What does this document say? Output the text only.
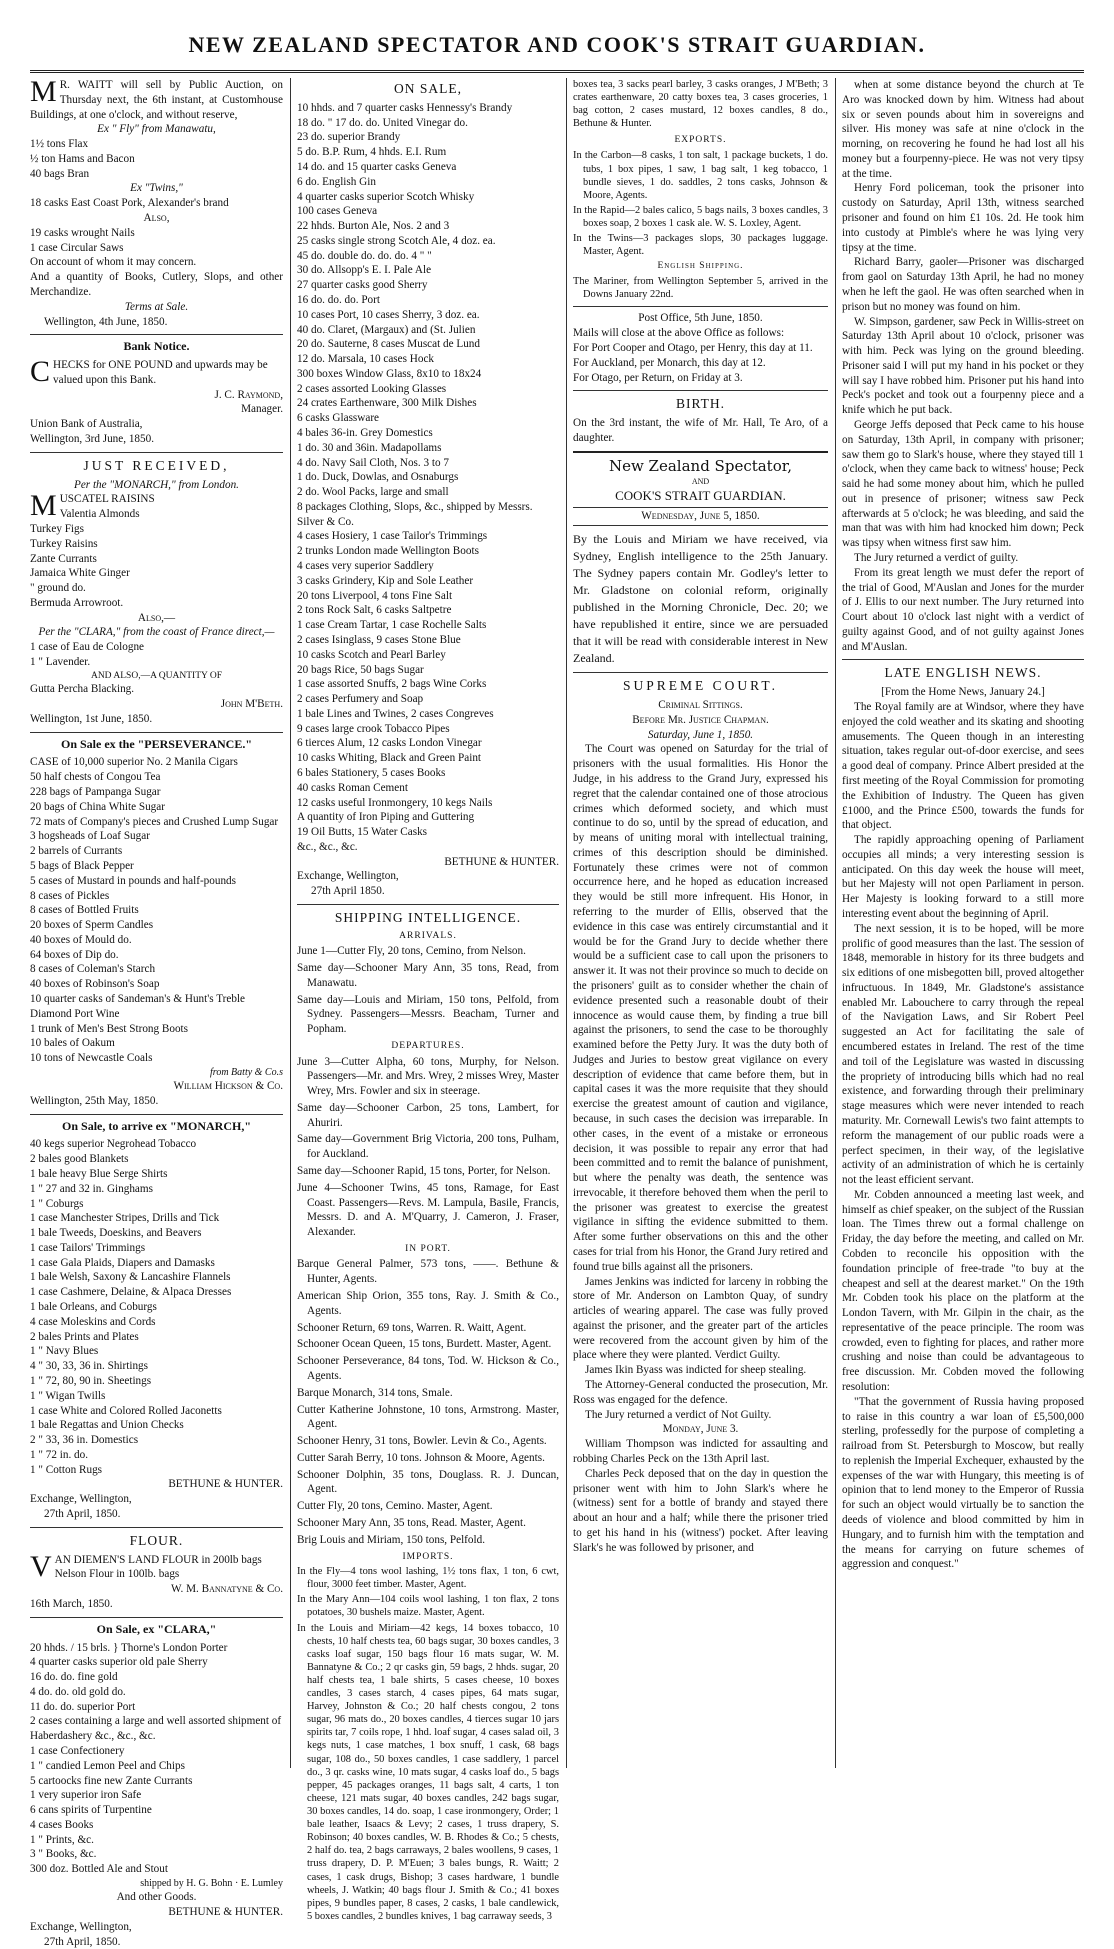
NEW ZEALAND SPECTATOR AND COOK'S STRAIT GUARDIAN.

M R. WAITT will sell by Public Auction, on Thursday next, the 6th instant, at Customhouse Buildings, at one o'clock, and without reserve,

Ex " Fly" from Manawatu,

1½ tons Flax

½ ton Hams and Bacon

40 bags Bran

Ex "Twins,"

18 casks East Coast Pork, Alexander's brand

Also,

19 casks wrought Nails

1 case Circular Saws

On account of whom it may concern.

And a quantity of Books, Cutlery, Slops, and other Merchandize.

Terms at Sale.

Wellington, 4th June, 1850.

Bank Notice.

CHECKS for ONE POUND and upwards may be valued upon this Bank.

J. C. Raymond,

Manager.

Union Bank of Australia,

Wellington, 3rd June, 1850.

JUST RECEIVED,

Per the "MONARCH," from London.

M USCATEL RAISINS

Valentia Almonds

Turkey Figs

Turkey Raisins

Zante Currants

Jamaica White Ginger

" ground do.

Bermuda Arrowroot.

Also,—

Per the "CLARA," from the coast of France direct,—

1 case of Eau de Cologne

1 " Lavender.

AND ALSO,—A QUANTITY OF

Gutta Percha Blacking.

John M'Beth.

Wellington, 1st June, 1850.

On Sale ex the "PERSEVERANCE."

CASE of 10,000 superior No. 2 Manila Cigars

50 half chests of Congou Tea

228 bags of Pampanga Sugar

20 bags of China White Sugar

72 mats of Company's pieces and Crushed Lump Sugar

3 hogsheads of Loaf Sugar

2 barrels of Currants

5 bags of Black Pepper

5 cases of Mustard in pounds and half-pounds

8 cases of Pickles

8 cases of Bottled Fruits

20 boxes of Sperm Candles

40 boxes of Mould do.

64 boxes of Dip do.

8 cases of Coleman's Starch

40 boxes of Robinson's Soap

10 quarter casks of Sandeman's & Hunt's Treble Diamond Port Wine

1 trunk of Men's Best Strong Boots

10 bales of Oakum

10 tons of Newcastle Coals

from Batty & Co.s

William Hickson & Co.

Wellington, 25th May, 1850.

On Sale, to arrive ex "MONARCH,"

40 kegs superior Negrohead Tobacco

2 bales good Blankets

1 bale heavy Blue Serge Shirts

1 " 27 and 32 in. Ginghams

1 " Coburgs

1 case Manchester Stripes, Drills and Tick

1 bale Tweeds, Doeskins, and Beavers

1 case Tailors' Trimmings

1 case Gala Plaids, Diapers and Damasks

1 bale Welsh, Saxony & Lancashire Flannels

1 case Cashmere, Delaine, & Alpaca Dresses

1 bale Orleans, and Coburgs

4 case Moleskins and Cords

2 bales Prints and Plates

1 " Navy Blues

4 " 30, 33, 36 in. Shirtings

1 " 72, 80, 90 in. Sheetings

1 " Wigan Twills

1 case White and Colored Rolled Jaconetts

1 bale Regattas and Union Checks

2 " 33, 36 in. Domestics

1 " 72 in. do.

1 " Cotton Rugs

BETHUNE & HUNTER.

Exchange, Wellington,

27th April, 1850.

FLOUR.

VAN DIEMEN'S LAND FLOUR in 200lb bags

Nelson Flour in 100lb. bags

W. M. Bannatyne & Co.

16th March, 1850.

On Sale, ex "CLARA,"

20 hhds. / 15 brls. } Thorne's London Porter

4 quarter casks superior old pale Sherry

16 do. do. fine gold

4 do. do. old gold do.

11 do. do. superior Port

2 cases containing a large and well assorted shipment of Haberdashery &c., &c., &c.

1 case Confectionery

1 " candied Lemon Peel and Chips

5 cartoocks fine new Zante Currants

1 very superior iron Safe

6 cans spirits of Turpentine

4 cases Books

1 " Prints, &c.

3 " Books, &c.

300 doz. Bottled Ale and Stout

shipped by H. G. Bohn · E. Lumley

And other Goods.

BETHUNE & HUNTER.

Exchange, Wellington,

27th April, 1850.

ON SALE,

10 hhds. and 7 quarter casks Hennessy's Brandy

18 do. " 17 do. do. United Vinegar do.

23 do. superior Brandy

5 do. B.P. Rum, 4 hhds. E.I. Rum

14 do. and 15 quarter casks Geneva

6 do. English Gin

4 quarter casks superior Scotch Whisky

100 cases Geneva

22 hhds. Burton Ale, Nos. 2 and 3

25 casks single strong Scotch Ale, 4 doz. ea.

45 do. double do. do. do. 4 " "

30 do. Allsopp's E. I. Pale Ale

27 quarter casks good Sherry

16 do. do. do. Port

10 cases Port, 10 cases Sherry, 3 doz. ea.

40 do. Claret, (Margaux) and (St. Julien

20 do. Sauterne, 8 cases Muscat de Lund

12 do. Marsala, 10 cases Hock

300 boxes Window Glass, 8x10 to 18x24

2 cases assorted Looking Glasses

24 crates Earthenware, 300 Milk Dishes

6 casks Glassware

4 bales 36-in. Grey Domestics

1 do. 30 and 36in. Madapollams

4 do. Navy Sail Cloth, Nos. 3 to 7

1 do. Duck, Dowlas, and Osnaburgs

2 do. Wool Packs, large and small

8 packages Clothing, Slops, &c., shipped by Messrs. Silver & Co.

4 cases Hosiery, 1 case Tailor's Trimmings

2 trunks London made Wellington Boots

4 cases very superior Saddlery

3 casks Grindery, Kip and Sole Leather

20 tons Liverpool, 4 tons Fine Salt

2 tons Rock Salt, 6 casks Saltpetre

1 case Cream Tartar, 1 case Rochelle Salts

2 cases Isinglass, 9 cases Stone Blue

10 casks Scotch and Pearl Barley

20 bags Rice, 50 bags Sugar

1 case assorted Snuffs, 2 bags Wine Corks

2 cases Perfumery and Soap

1 bale Lines and Twines, 2 cases Congreves

9 cases large crook Tobacco Pipes

6 tierces Alum, 12 casks London Vinegar

10 casks Whiting, Black and Green Paint

6 bales Stationery, 5 cases Books

40 casks Roman Cement

12 casks useful Ironmongery, 10 kegs Nails

A quantity of Iron Piping and Guttering

19 Oil Butts, 15 Water Casks

&c., &c., &c.

BETHUNE & HUNTER.

Exchange, Wellington,

27th April 1850.

SHIPPING INTELLIGENCE.
ARRIVALS.

June 1—Cutter Fly, 20 tons, Cemino, from Nelson.

Same day—Schooner Mary Ann, 35 tons, Read, from Manawatu.

Same day—Louis and Miriam, 150 tons, Pelfold, from Sydney. Passengers—Messrs. Beacham, Turner and Popham.

DEPARTURES.

June 3—Cutter Alpha, 60 tons, Murphy, for Nelson. Passengers—Mr. and Mrs. Wrey, 2 misses Wrey, Master Wrey, Mrs. Fowler and six in steerage.

Same day—Schooner Carbon, 25 tons, Lambert, for Ahuriri.

Same day—Government Brig Victoria, 200 tons, Pulham, for Auckland.

Same day—Schooner Rapid, 15 tons, Porter, for Nelson.

June 4—Schooner Twins, 45 tons, Ramage, for East Coast. Passengers—Revs. M. Lampula, Basile, Francis, Messrs. D. and A. M'Quarry, J. Cameron, J. Fraser, Alexander.

IN PORT.

Barque General Palmer, 573 tons, ——. Bethune & Hunter, Agents.

American Ship Orion, 355 tons, Ray. J. Smith & Co., Agents.

Schooner Return, 69 tons, Warren. R. Waitt, Agent.

Schooner Ocean Queen, 15 tons, Burdett. Master, Agent.

Schooner Perseverance, 84 tons, Tod. W. Hickson & Co., Agents.

Barque Monarch, 314 tons, Smale.

Cutter Katherine Johnstone, 10 tons, Armstrong. Master, Agent.

Schooner Henry, 31 tons, Bowler. Levin & Co., Agents.

Cutter Sarah Berry, 10 tons. Johnson & Moore, Agents.

Schooner Dolphin, 35 tons, Douglass. R. J. Duncan, Agent.

Cutter Fly, 20 tons, Cemino. Master, Agent.

Schooner Mary Ann, 35 tons, Read. Master, Agent.

Brig Louis and Miriam, 150 tons, Pelfold.

IMPORTS.

In the Fly—4 tons wool lashing, 1½ tons flax, 1 ton, 6 cwt, flour, 3000 feet timber. Master, Agent.

In the Mary Ann—104 coils wool lashing, 1 ton flax, 2 tons potatoes, 30 bushels maize. Master, Agent.

In the Louis and Miriam—42 kegs, 14 boxes tobacco, 10 chests, 10 half chests tea, 60 bags sugar, 30 boxes candles, 3 casks loaf sugar, 150 bags flour 16 mats sugar, W. M. Bannatyne & Co.; 2 qr casks gin, 59 bags, 2 hhds. sugar, 20 half chests tea, 1 bale shirts, 5 cases cheese, 10 boxes candles, 3 cases starch, 4 cases pipes, 64 mats sugar, Harvey, Johnston & Co.; 20 half chests congou, 2 tons sugar, 96 mats do., 20 boxes candles, 4 tierces sugar 10 jars spirits tar, 7 coils rope, 1 hhd. loaf sugar, 4 cases salad oil, 3 kegs nuts, 1 case matches, 1 box snuff, 1 cask, 68 bags sugar, 108 do., 50 boxes candles, 1 case saddlery, 1 parcel do., 3 qr. casks wine, 10 mats sugar, 4 casks loaf do., 5 bags pepper, 45 packages oranges, 11 bags salt, 4 carts, 1 ton cheese, 121 mats sugar, 40 boxes candles, 242 bags sugar, 30 boxes candles, 14 do. soap, 1 case ironmongery, Order; 1 bale leather, Isaacs & Levy; 2 cases, 1 truss drapery, S. Robinson; 40 boxes candles, W. B. Rhodes & Co.; 5 chests, 2 half do. tea, 2 bags carraways, 2 bales woollens, 9 cases, 1 truss drapery, D. P. M'Euen; 3 bales bungs, R. Waitt; 2 cases, 1 cask drugs, Bishop; 3 cases hardware, 1 bundle wheels, J. Watkin; 40 bags flour J. Smith & Co.; 41 boxes pipes, 9 bundles paper, 8 cases, 2 casks, 1 bale candlewick, 5 boxes candles, 2 bundles knives, 1 bag carraway seeds, 3

boxes tea, 3 sacks pearl barley, 3 casks oranges, J M'Beth; 3 crates earthenware, 20 catty boxes tea, 3 cases groceries, 1 bag cotton, 2 cases mustard, 12 boxes candles, 8 do., Bethune & Hunter.

EXPORTS.

In the Carbon—8 casks, 1 ton salt, 1 package buckets, 1 do. tubs, 1 box pipes, 1 saw, 1 bag salt, 1 keg tobacco, 1 bundle sieves, 1 do. saddles, 2 tons casks, Johnson & Moore, Agents.

In the Rapid—2 bales calico, 5 bags nails, 3 boxes candles, 3 boxes soap, 2 boxes 1 cask ale. W. S. Loxley, Agent.

In the Twins—3 packages slops, 30 packages luggage. Master, Agent.

English Shipping.

The Mariner, from Wellington September 5, arrived in the Downs January 22nd.

Post Office, 5th June, 1850.

Mails will close at the above Office as follows:

For Port Cooper and Otago, per Henry, this day at 11.

For Auckland, per Monarch, this day at 12.

For Otago, per Return, on Friday at 3.

BIRTH.

On the 3rd instant, the wife of Mr. Hall, Te Aro, of a daughter.

New Zealand Spectator,
AND
COOK'S STRAIT GUARDIAN.
Wednesday, June 5, 1850.

By the Louis and Miriam we have received, via Sydney, English intelligence to the 25th January. The Sydney papers contain Mr. Godley's letter to Mr. Gladstone on colonial reform, originally published in the Morning Chronicle, Dec. 20; we have republished it entire, since we are persuaded that it will be read with considerable interest in New Zealand.

SUPREME COURT.
Criminal Sittings.
Before Mr. Justice Chapman.
Saturday, June 1, 1850.

The Court was opened on Saturday for the trial of prisoners with the usual formalities. His Honor the Judge, in his address to the Grand Jury, expressed his regret that the calendar contained one of those atrocious crimes which deformed society, and which must continue to do so, until by the spread of education, and by means of uniting moral with intellectual training, crimes of this description should be diminished. Fortunately these crimes were not of common occurrence here, and he hoped as education increased they would be still more infrequent. His Honor, in referring to the murder of Ellis, observed that the evidence in this case was entirely circumstantial and it would be for the Grand Jury to decide whether there would be a sufficient case to call upon the prisoners to answer it. It was not their province so much to decide on the prisoners' guilt as to consider whether the chain of evidence presented such a reasonable doubt of their innocence as would cause them, by finding a true bill against the prisoners, to send the case to be thoroughly examined before the Petty Jury. It was the duty both of Judges and Juries to bestow great vigilance on every description of evidence that came before them, but in capital cases it was the more requisite that they should exercise the greatest amount of caution and vigilance, because, in such cases the decision was irreparable. In other cases, in the event of a mistake or erroneous decision, it was possible to repair any error that had been committed and to remit the balance of punishment, but where the penalty was death, the sentence was irrevocable, it therefore behoved them when the peril to the prisoner was greatest to exercise the greatest vigilance in sifting the evidence submitted to them. After some further observations on this and the other cases for trial from his Honor, the Grand Jury retired and found true bills against all the prisoners.

James Jenkins was indicted for larceny in robbing the store of Mr. Anderson on Lambton Quay, of sundry articles of wearing apparel. The case was fully proved against the prisoner, and the greater part of the articles were recovered from the account given by him of the place where they were planted. Verdict Guilty.

James Ikin Byass was indicted for sheep stealing.

The Attorney-General conducted the prosecution, Mr. Ross was engaged for the defence.

The Jury returned a verdict of Not Guilty.

Monday, June 3.

William Thompson was indicted for assaulting and robbing Charles Peck on the 13th April last.

Charles Peck deposed that on the day in question the prisoner went with him to John Slark's where he (witness) sent for a bottle of brandy and stayed there about an hour and a half; while there the prisoner tried to get his hand in his (witness') pocket. After leaving Slark's he was followed by prisoner, and

when at some distance beyond the church at Te Aro was knocked down by him. Witness had about six or seven pounds about him in sovereigns and silver. His money was safe at nine o'clock in the morning, on recovering he found he had lost all his money but a fourpenny-piece. He was not very tipsy at the time.

Henry Ford policeman, took the prisoner into custody on Saturday, April 13th, witness searched prisoner and found on him £1 10s. 2d. He took him into custody at Pimble's where he was lying very tipsy at the time.

Richard Barry, gaoler—Prisoner was discharged from gaol on Saturday 13th April, he had no money when he left the gaol. He was often searched when in prison but no money was found on him.

W. Simpson, gardener, saw Peck in Willis-street on Saturday 13th April about 10 o'clock, prisoner was with him. Peck was lying on the ground bleeding. Prisoner said I will put my hand in his pocket or they will say I have robbed him. Prisoner put his hand into Peck's pocket and took out a fourpenny piece and a knife which he put back.

George Jeffs deposed that Peck came to his house on Saturday, 13th April, in company with prisoner; saw them go to Slark's house, where they stayed till 1 o'clock, when they came back to witness' house; Peck said he had some money about him, which he pulled out in presence of prisoner; witness saw Peck afterwards at 5 o'clock; he was bleeding, and said the man that was with him had knocked him down; Peck was tipsy when witness first saw him.

The Jury returned a verdict of guilty.

From its great length we must defer the report of the trial of Good, M'Auslan and Jones for the murder of J. Ellis to our next number. The Jury returned into Court about 10 o'clock last night with a verdict of guilty against Good, and of not guilty against Jones and M'Auslan.

LATE ENGLISH NEWS.
[From the Home News, January 24.]

The Royal family are at Windsor, where they have enjoyed the cold weather and its skating and shooting amusements. The Queen though in an interesting situation, takes regular out-of-door exercise, and sees a good deal of company. Prince Albert presided at the first meeting of the Royal Commission for promoting the Exhibition of Industry. The Queen has given £1000, and the Prince £500, towards the funds for that object.

The rapidly approaching opening of Parliament occupies all minds; a very interesting session is anticipated. On this day week the house will meet, but her Majesty will not open Parliament in person. Her Majesty is looking forward to a still more interesting event about the beginning of April.

The next session, it is to be hoped, will be more prolific of good measures than the last. The session of 1848, memorable in history for its three budgets and six editions of one misbegotten bill, proved altogether infructuous. In 1849, Mr. Gladstone's assistance enabled Mr. Labouchere to carry through the repeal of the Navigation Laws, and Sir Robert Peel suggested an Act for facilitating the sale of encumbered estates in Ireland. The rest of the time and toil of the Legislature was wasted in discussing the propriety of introducing bills which had no real existence, and forwarding through their preliminary stage measures which were never intended to reach maturity. Mr. Cornewall Lewis's two faint attempts to reform the management of our public roads were a perfect specimen, in their way, of the legislative activity of an administration of which he is certainly not the least efficient servant.

Mr. Cobden announced a meeting last week, and himself as chief speaker, on the subject of the Russian loan. The Times threw out a formal challenge on Friday, the day before the meeting, and called on Mr. Cobden to reconcile his opposition with the foundation principle of free-trade "to buy at the cheapest and sell at the dearest market." On the 19th Mr. Cobden took his place on the platform at the London Tavern, with Mr. Gilpin in the chair, as the representative of the peace principle. The room was crowded, even to fighting for places, and rather more crushing and noise than could be advantageous to free discussion. Mr. Cobden moved the following resolution:

"That the government of Russia having proposed to raise in this country a war loan of £5,500,000 sterling, professedly for the purpose of completing a railroad from St. Petersburgh to Moscow, but really to replenish the Imperial Exchequer, exhausted by the expenses of the war with Hungary, this meeting is of opinion that to lend money to the Emperor of Russia for such an object would virtually be to sanction the deeds of violence and blood committed by him in Hungary, and to furnish him with the temptation and the means for carrying on future schemes of aggression and conquest."
